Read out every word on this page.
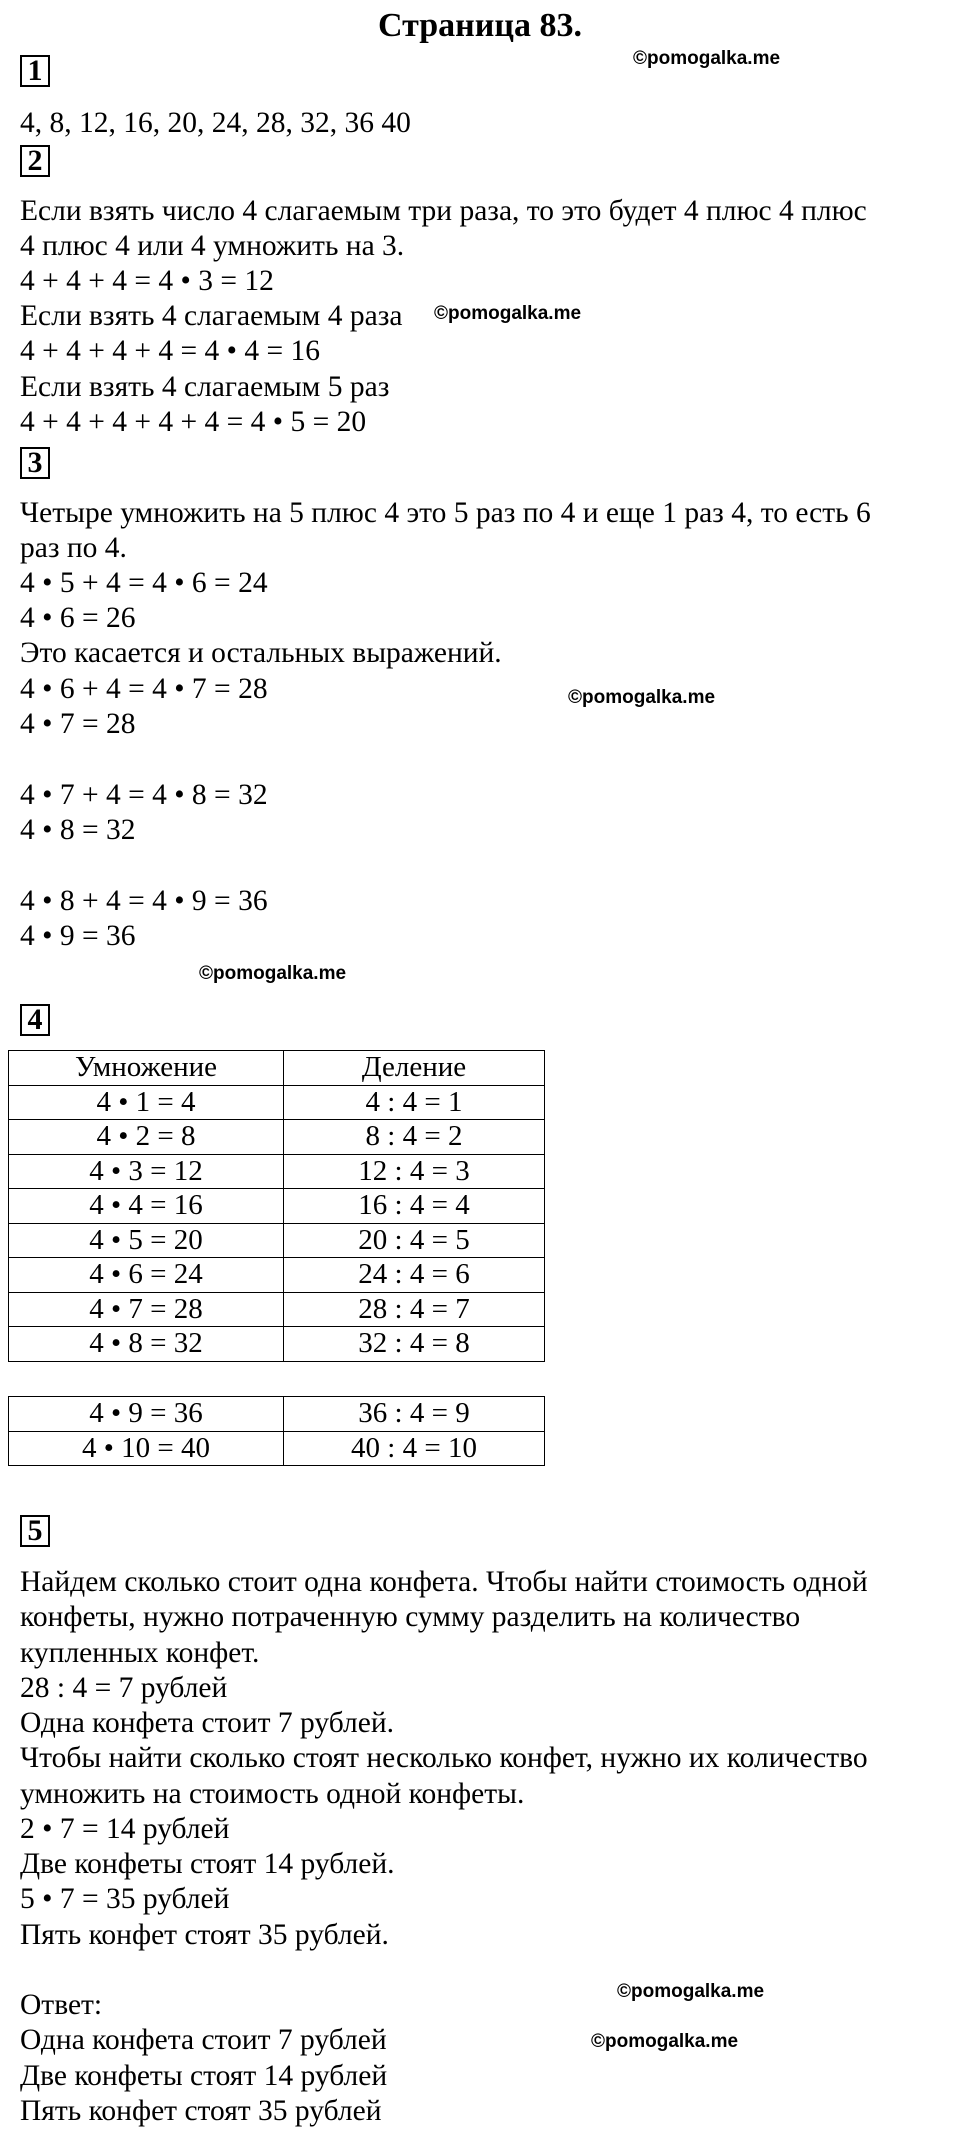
Страница 83.
©pomogalka.me
©pomogalka.me
©pomogalka.me
©pomogalka.me
©pomogalka.me
©pomogalka.me
1
4, 8, 12, 16, 20, 24, 28, 32, 36 40
2
Если взять число 4 слагаемым три раза, то это будет 4 плюс 4 плюс
4 плюс 4 или 4 умножить на 3.
4 + 4 + 4 = 4 • 3 = 12
Если взять 4 слагаемым 4 раза
4 + 4 + 4 + 4 = 4 • 4 = 16
Если взять 4 слагаемым 5 раз
4 + 4 + 4 + 4 + 4 = 4 • 5 = 20
3
Четыре умножить на 5 плюс 4 это 5 раз по 4 и еще 1 раз 4, то есть 6
раз по 4.
4 • 5 + 4 = 4 • 6 = 24
4 • 6 = 26
Это касается и остальных выражений.
4 • 6 + 4 = 4 • 7 = 28
4 • 7 = 28
4 • 7 + 4 = 4 • 8 = 32
4 • 8 = 32
4 • 8 + 4 = 4 • 9 = 36
4 • 9 = 36
4
Умножение	Деление
4 • 1 = 4	4 : 4 = 1
4 • 2 = 8	8 : 4 = 2
4 • 3 = 12	12 : 4 = 3
4 • 4 = 16	16 : 4 = 4
4 • 5 = 20	20 : 4 = 5
4 • 6 = 24	24 : 4 = 6
4 • 7 = 28	28 : 4 = 7
4 • 8 = 32	32 : 4 = 8
4 • 9 = 36	36 : 4 = 9
4 • 10 = 40	40 : 4 = 10
5
Найдем сколько стоит одна конфета. Чтобы найти стоимость одной
конфеты, нужно потраченную сумму разделить на количество
купленных конфет.
28 : 4 = 7 рублей
Одна конфета стоит 7 рублей.
Чтобы найти сколько стоят несколько конфет, нужно их количество
умножить на стоимость одной конфеты.
2 • 7 = 14 рублей
Две конфеты стоят 14 рублей.
5 • 7 = 35 рублей
Пять конфет стоят 35 рублей.
Ответ:
Одна конфета стоит 7 рублей
Две конфеты стоят 14 рублей
Пять конфет стоят 35 рублей
